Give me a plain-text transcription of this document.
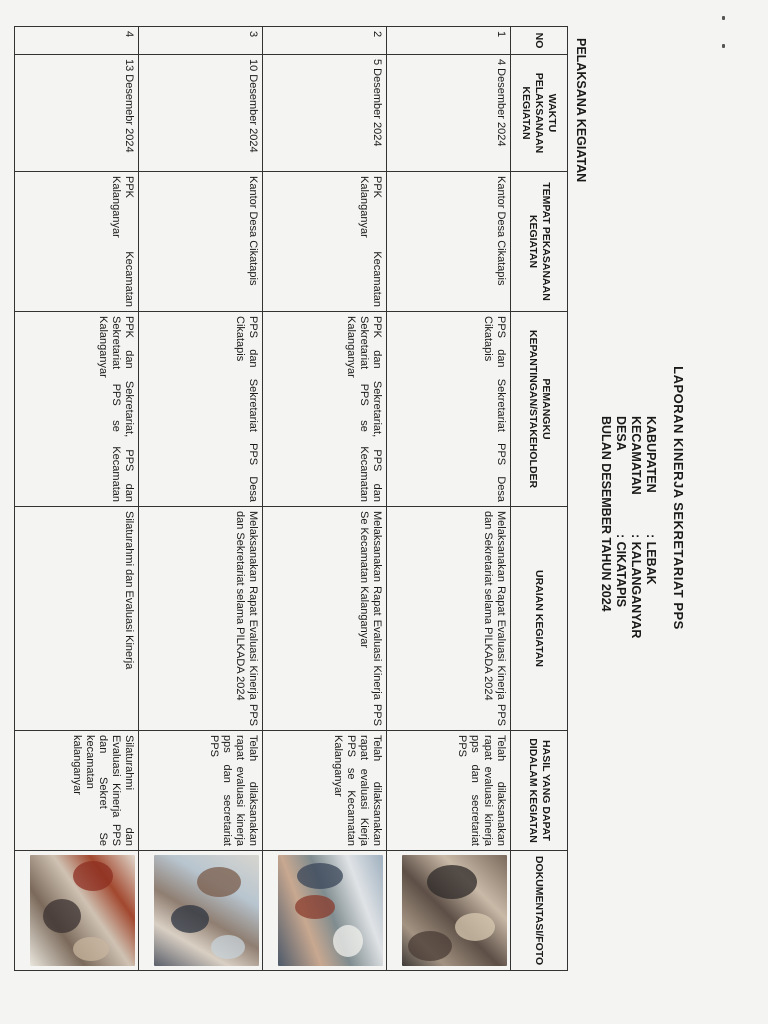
LAPORAN KINERJA SEKRETARIAT PPS
KABUPATEN
: LEBAK
KECAMATAN
: KALANGANYAR
DESA
: CIKATAPIS
BULAN DESEMBER TAHUN 2024
PELAKSANA KEGIATAN
NO	WAKTU PELAKSANAAN KEGIATAN	TEMPAT PEKASANAAN KEGIATAN	PEMANGKU KEPANTINGAN/STAKEHOLDER	URAIAN KEGIATAN	HASIL YANG DAPAT DIDALAM KEGIATAN	DOKUMENTASI/FOTO
1	4 Desember 2024	Kantor Desa Cikatapis	PPS dan Sekretariat PPS Desa Cikatapis	Melaksanakan Rapat Evaluasi Kinerja PPS dan Sekretariat selama PILKADA 2024	Telah dilaksanakan rapat evaluasi kinerja pps dan secretariat PPS	

2	5 Desember 2024	PPK Kecamatan Kalanganyar	PPK dan Sekretariat, PPS dan Sekretariat PPS se Kecamatan Kalanganyar	Melaksanakan Rapat Evaluasi Kinerja PPS Se Kecamatan Kalanganyar	Telah dilaksanakan rapat evaluasi Kierja PPS se Kecamatan Kalanganyar	

3	10 Desember 2024	Kantor Desa Cikatapis	PPS dan Sekretariat PPS Desa Cikatapis	Melaksanakan Rapat Evaluasi Kinerja PPS dan Sekretariat selama PILKADA 2024	Telah dilaksanakan rapat evaluasi kinerja pps dan secretariat PPS	

4	13 Desemebr 2024	PPK Kecamatan Kalanganyar	PPK dan Sekretariat, PPS dan Sekretariat PPS se Kecamatan Kalanganyar	Silaturahmi dan Evaluasi Kinerja	Silaturahmi dan Evaluasi Kinerja PPS dan Sekret Se kecamatan kalanganyar	
